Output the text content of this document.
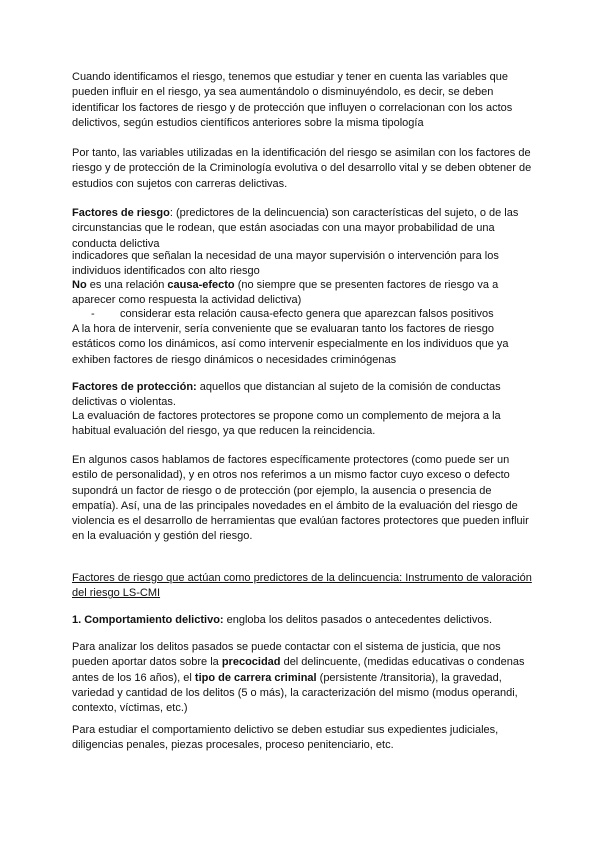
Cuando identificamos el riesgo, tenemos que estudiar y tener en cuenta las variables que pueden influir en el riesgo, ya sea aumentándolo o disminuyéndolo, es decir, se deben identificar los factores de riesgo y de protección que influyen o correlacionan con los actos delictivos, según estudios científicos anteriores sobre la misma tipología

Por tanto, las variables utilizadas en la identificación del riesgo se asimilan con los factores de riesgo y de protección de la Criminología evolutiva o del desarrollo vital y se deben obtener de estudios con sujetos con carreras delictivas.

Factores de riesgo: (predictores de la delincuencia) son características del sujeto, o de las circunstancias que le rodean, que están asociadas con una mayor probabilidad de una conducta delictiva

indicadores que señalan la necesidad de una mayor supervisión o intervención para los individuos identificados con alto riesgo

No es una relación causa-efecto (no siempre que se presenten factores de riesgo va a aparecer como respuesta la actividad delictiva)

- considerar esta relación causa-efecto genera que aparezcan falsos positivos

A la hora de intervenir, sería conveniente que se evaluaran tanto los factores de riesgo estáticos como los dinámicos, así como intervenir especialmente en los individuos que ya exhiben factores de riesgo dinámicos o necesidades criminógenas

Factores de protección: aquellos que distancian al sujeto de la comisión de conductas delictivas o violentas.

La evaluación de factores protectores se propone como un complemento de mejora a la habitual evaluación del riesgo, ya que reducen la reincidencia.

En algunos casos hablamos de factores específicamente protectores (como puede ser un estilo de personalidad), y en otros nos referimos a un mismo factor cuyo exceso o defecto supondrá un factor de riesgo o de protección (por ejemplo, la ausencia o presencia de empatía). Así, una de las principales novedades en el ámbito de la evaluación del riesgo de violencia es el desarrollo de herramientas que evalúan factores protectores que pueden influir en la evaluación y gestión del riesgo.

Factores de riesgo que actúan como predictores de la delincuencia: Instrumento de valoración del riesgo LS-CMI

1. Comportamiento delictivo: engloba los delitos pasados o antecedentes delictivos.

Para analizar los delitos pasados se puede contactar con el sistema de justicia, que nos pueden aportar datos sobre la precocidad del delincuente, (medidas educativas o condenas antes de los 16 años), el tipo de carrera criminal (persistente /transitoria), la gravedad, variedad y cantidad de los delitos (5 o más), la caracterización del mismo (modus operandi, contexto, víctimas, etc.)

Para estudiar el comportamiento delictivo se deben estudiar sus expedientes judiciales, diligencias penales, piezas procesales, proceso penitenciario, etc.
